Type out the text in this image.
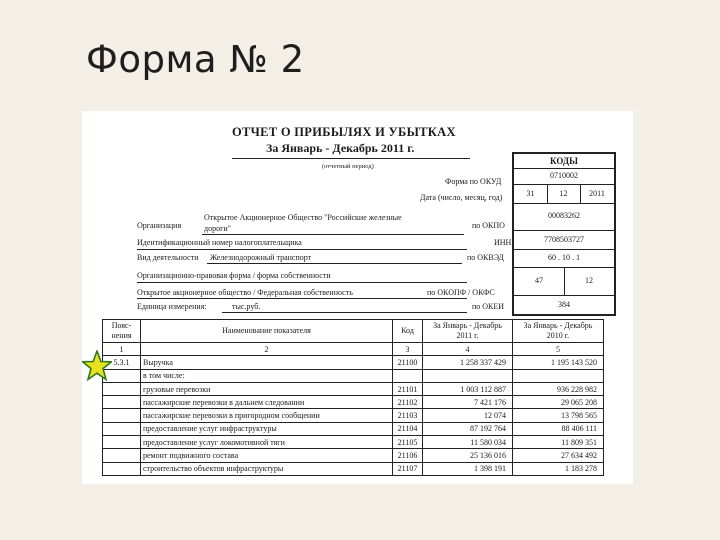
Форма № 2
ОТЧЕТ О ПРИБЫЛЯХ И УБЫТКАХ
За Январь - Декабрь 2011 г.
(отчетный период)
Форма по ОКУД
Дата (число, месяц, год)
Организация
Открытое Акционерное Общество "Российские железные
дороги"	по ОКПО
Идентификационный номер налогоплательщика	ИНН
Вид деятельности Железнодорожный транспорт	по ОКВЭД
Организационно-правовая форма / форма собственности
Открытое акционерное общество / Федеральная собственность	по ОКОПФ / ОКФС
Единица измерения:	тыс.руб.	по ОКЕИ
КОДЫ
0710002
31	12	2011
00083262
7708503727
60 . 10 . 1
47	12
384
Пояс-нения	Наименование показателя	Код	За Январь - Декабрь 2011 г.	За Январь - Декабрь 2010 г.
1	2	3	4	5
5.3.1	Выручка	21100	1 258 337 429	1 195 143 520
	в том числе:			
	грузовые перевозки	21101	1 003 112 887	936 228 982
	пассажирские перевозки в дальнем следовании	21102	7 421 176	29 065 208
	пассажирские перевозки в пригородном сообщении	21103	12 074	13 798 565
	предоставление услуг инфраструктуры	21104	87 192 764	88 406 111
	предоставление услуг локомотивной тяги	21105	11 580 034	11 809 351
	ремонт подвижного состава	21106	25 136 016	27 634 492
	строительство объектов инфраструктуры	21107	1 398 191	1 183 278
